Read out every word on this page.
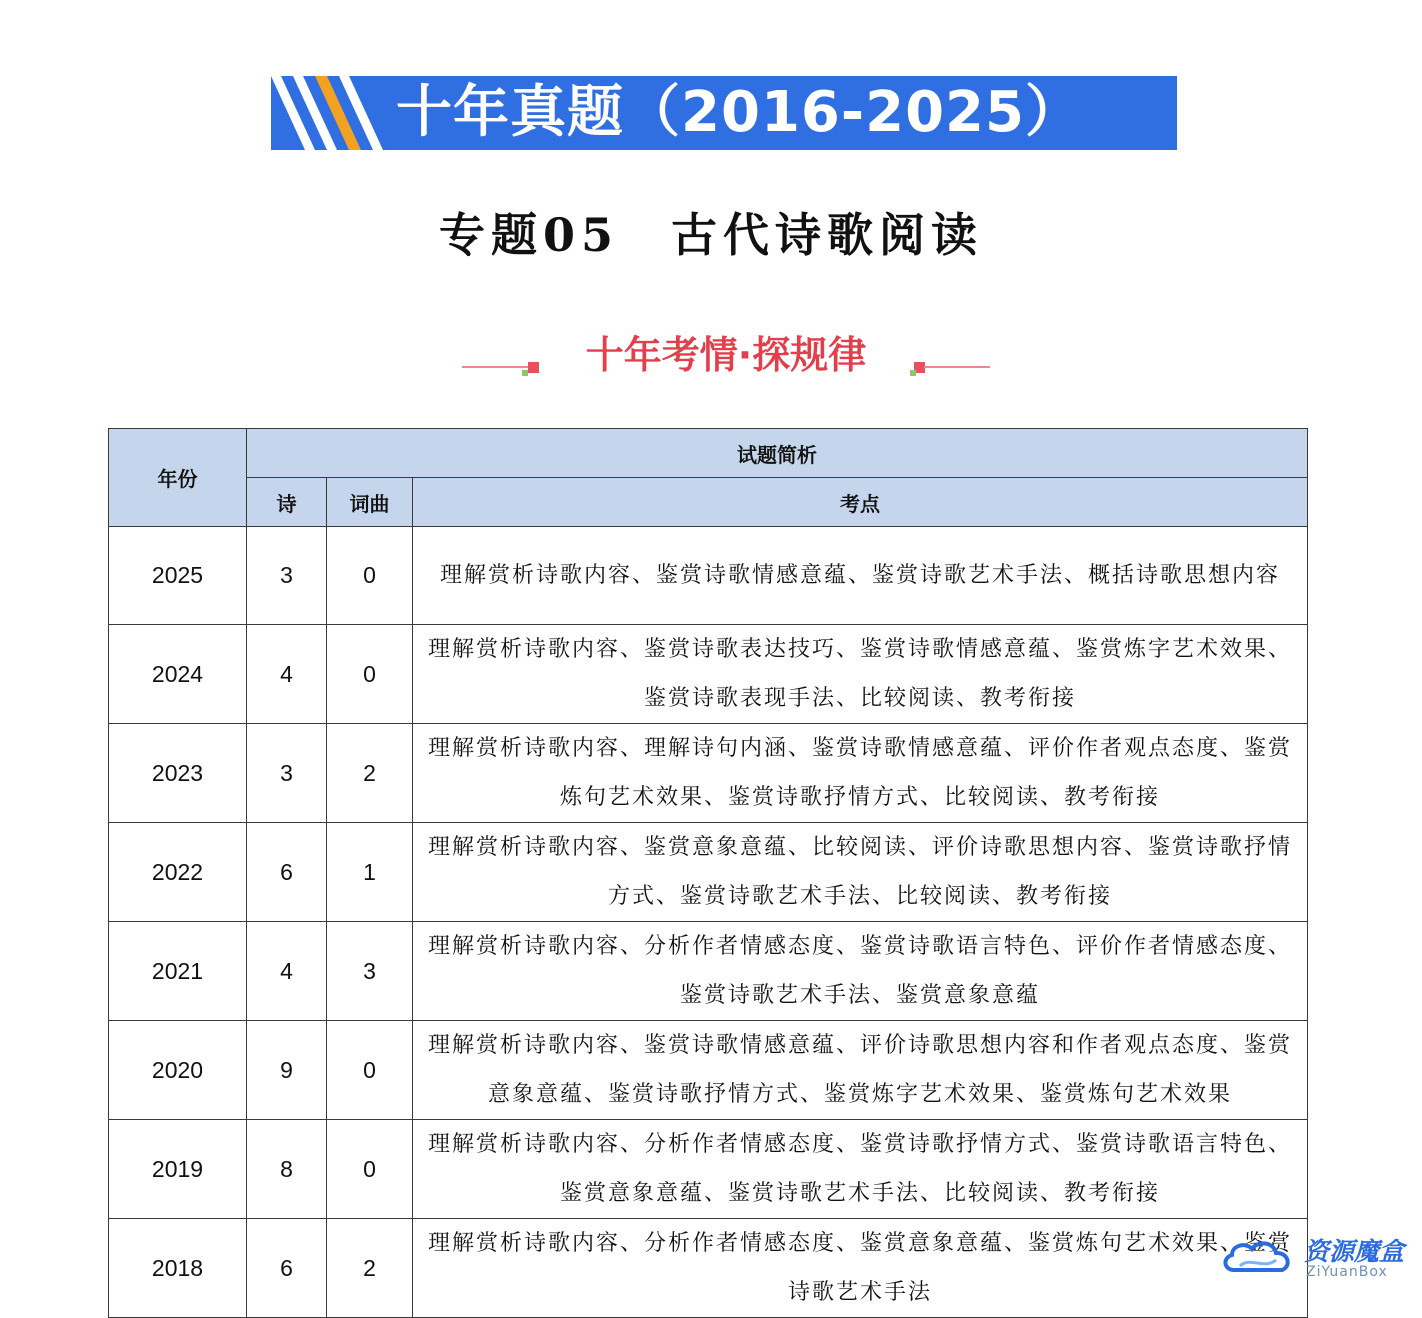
十年真题（2016-2025）
专题05　古代诗歌阅读
十年考情·探规律
年份	试题简析		
	诗	词曲	考点
2025	3	0	理解赏析诗歌内容、鉴赏诗歌情感意蕴、鉴赏诗歌艺术手法、概括诗歌思想内容
2024	4	0	理解赏析诗歌内容、鉴赏诗歌表达技巧、鉴赏诗歌情感意蕴、鉴赏炼字艺术效果、鉴赏诗歌表现手法、比较阅读、教考衔接
2023	3	2	理解赏析诗歌内容、理解诗句内涵、鉴赏诗歌情感意蕴、评价作者观点态度、鉴赏炼句艺术效果、鉴赏诗歌抒情方式、比较阅读、教考衔接
2022	6	1	理解赏析诗歌内容、鉴赏意象意蕴、比较阅读、评价诗歌思想内容、鉴赏诗歌抒情方式、鉴赏诗歌艺术手法、比较阅读、教考衔接
2021	4	3	理解赏析诗歌内容、分析作者情感态度、鉴赏诗歌语言特色、评价作者情感态度、鉴赏诗歌艺术手法、鉴赏意象意蕴
2020	9	0	理解赏析诗歌内容、鉴赏诗歌情感意蕴、评价诗歌思想内容和作者观点态度、鉴赏意象意蕴、鉴赏诗歌抒情方式、鉴赏炼字艺术效果、鉴赏炼句艺术效果
2019	8	0	理解赏析诗歌内容、分析作者情感态度、鉴赏诗歌抒情方式、鉴赏诗歌语言特色、鉴赏意象意蕴、鉴赏诗歌艺术手法、比较阅读、教考衔接
2018	6	2	理解赏析诗歌内容、分析作者情感态度、鉴赏意象意蕴、鉴赏炼句艺术效果、鉴赏诗歌艺术手法
资源魔盒
ZiYuanBox
